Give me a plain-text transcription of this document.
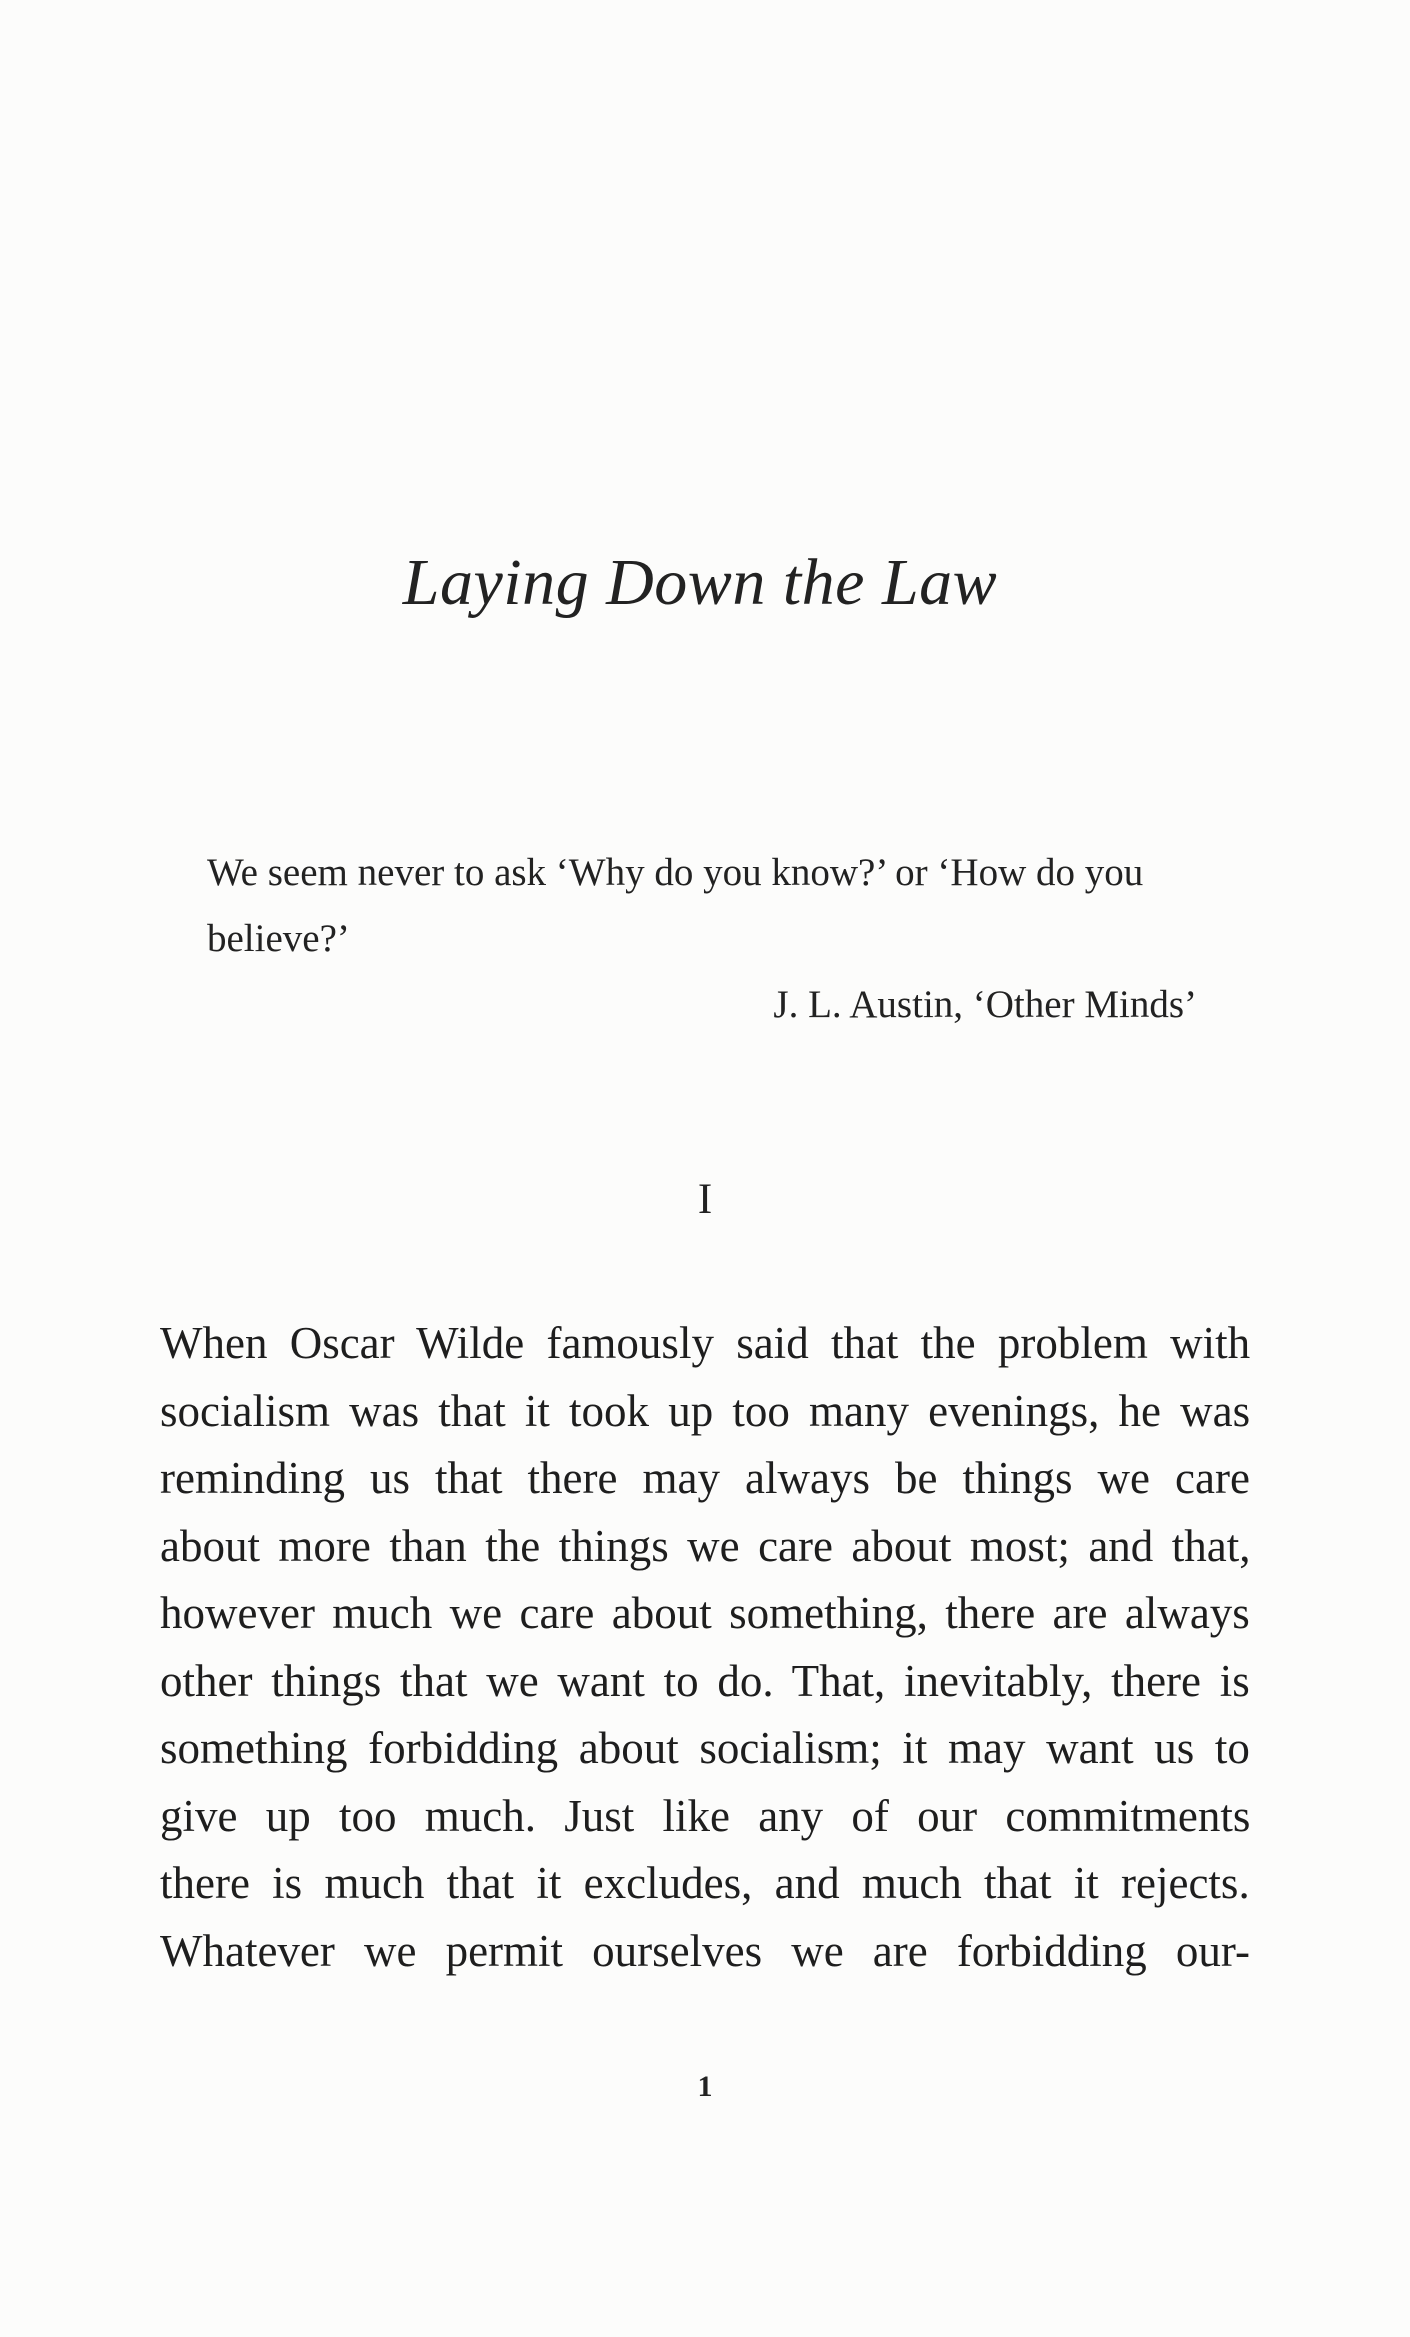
Laying Down the Law
We seem never to ask ‘Why do you know?’ or ‘How do you believe?’
J. L. Austin, ‘Other Minds’
I
When Oscar Wilde famously said that the problem with
socialism was that it took up too many evenings, he was
reminding us that there may always be things we care
about more than the things we care about most; and that,
however much we care about something, there are always
other things that we want to do. That, inevitably, there is
something forbidding about socialism; it may want us to
give up too much. Just like any of our commitments
there is much that it excludes, and much that it rejects.
Whatever we permit ourselves we are forbidding our-
1
